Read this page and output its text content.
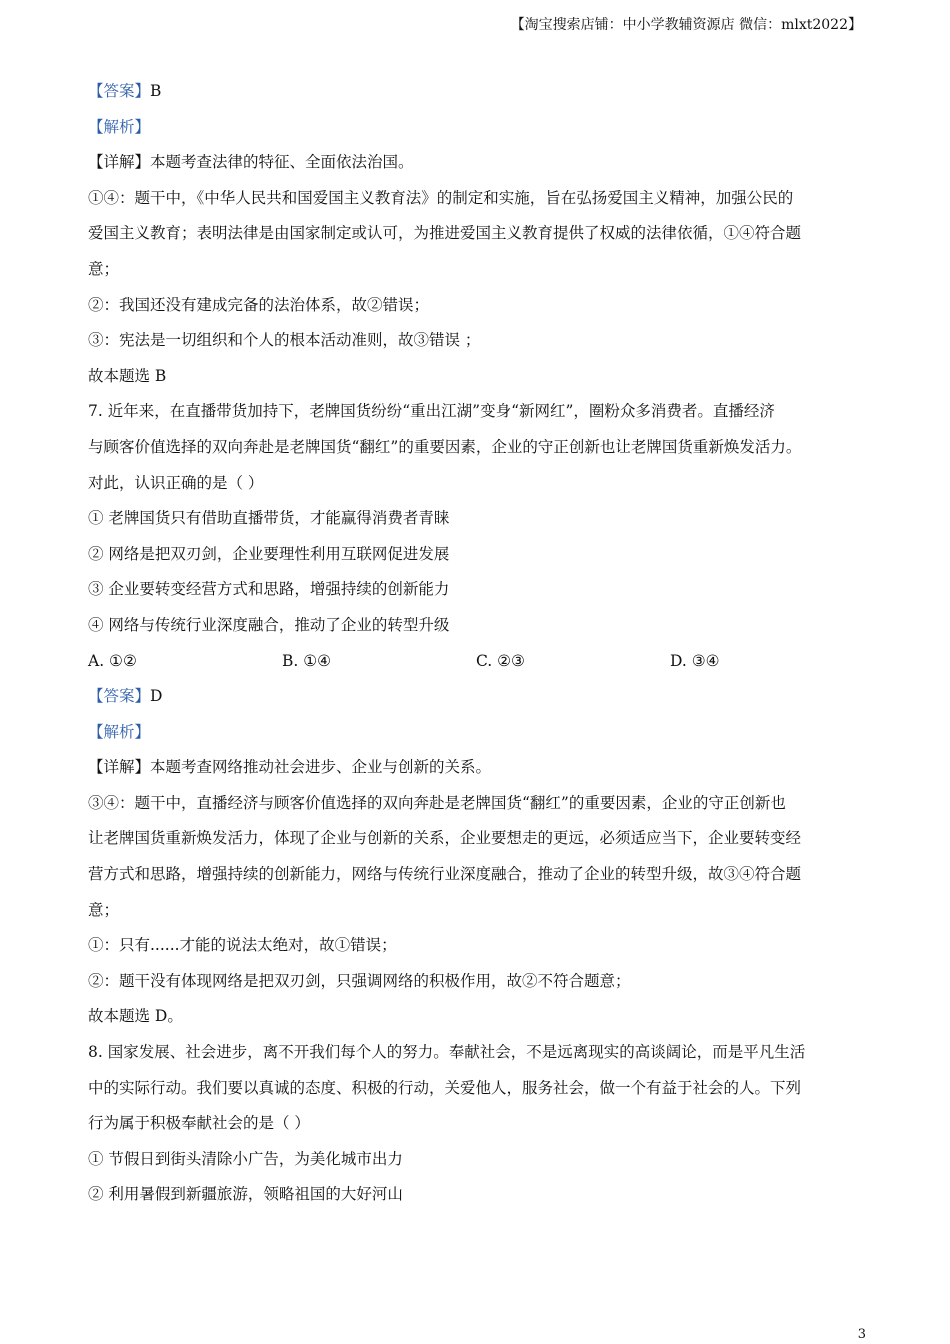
【淘宝搜索店铺：中小学教辅资源店 微信：mlxt2022】
【答案】B
【解析】
【详解】本题考查法律的特征、全面依法治国。
①④：题干中，《中华人民共和国爱国主义教育法》的制定和实施，旨在弘扬爱国主义精神，加强公民的
爱国主义教育；表明法律是由国家制定或认可，为推进爱国主义教育提供了权威的法律依循，①④符合题
意；
②：我国还没有建成完备的法治体系，故②错误；
③：宪法是一切组织和个人的根本活动准则，故③错误 ；
故本题选 B
7. 近年来，在直播带货加持下，老牌国货纷纷“重出江湖”变身“新网红”，圈粉众多消费者。直播经济
与顾客价值选择的双向奔赴是老牌国货“翻红”的重要因素，企业的守正创新也让老牌国货重新焕发活力。
对此，认识正确的是（ ）
① 老牌国货只有借助直播带货，才能赢得消费者青睐
② 网络是把双刃剑，企业要理性利用互联网促进发展
③ 企业要转变经营方式和思路，增强持续的创新能力
④ 网络与传统行业深度融合，推动了企业的转型升级
A. ①②	B. ①④	C. ②③	D. ③④
【答案】D
【解析】
【详解】本题考查网络推动社会进步、企业与创新的关系。
③④：题干中，直播经济与顾客价值选择的双向奔赴是老牌国货“翻红”的重要因素，企业的守正创新也
让老牌国货重新焕发活力，体现了企业与创新的关系，企业要想走的更远，必须适应当下，企业要转变经
营方式和思路，增强持续的创新能力，网络与传统行业深度融合，推动了企业的转型升级，故③④符合题
意；
①：只有......才能的说法太绝对，故①错误；
②：题干没有体现网络是把双刃剑，只强调网络的积极作用，故②不符合题意；
故本题选 D。
8. 国家发展、社会进步，离不开我们每个人的努力。奉献社会，不是远离现实的高谈阔论，而是平凡生活
中的实际行动。我们要以真诚的态度、积极的行动，关爱他人，服务社会，做一个有益于社会的人。下列
行为属于积极奉献社会的是（ ）
① 节假日到街头清除小广告，为美化城市出力
② 利用暑假到新疆旅游，领略祖国的大好河山
3
